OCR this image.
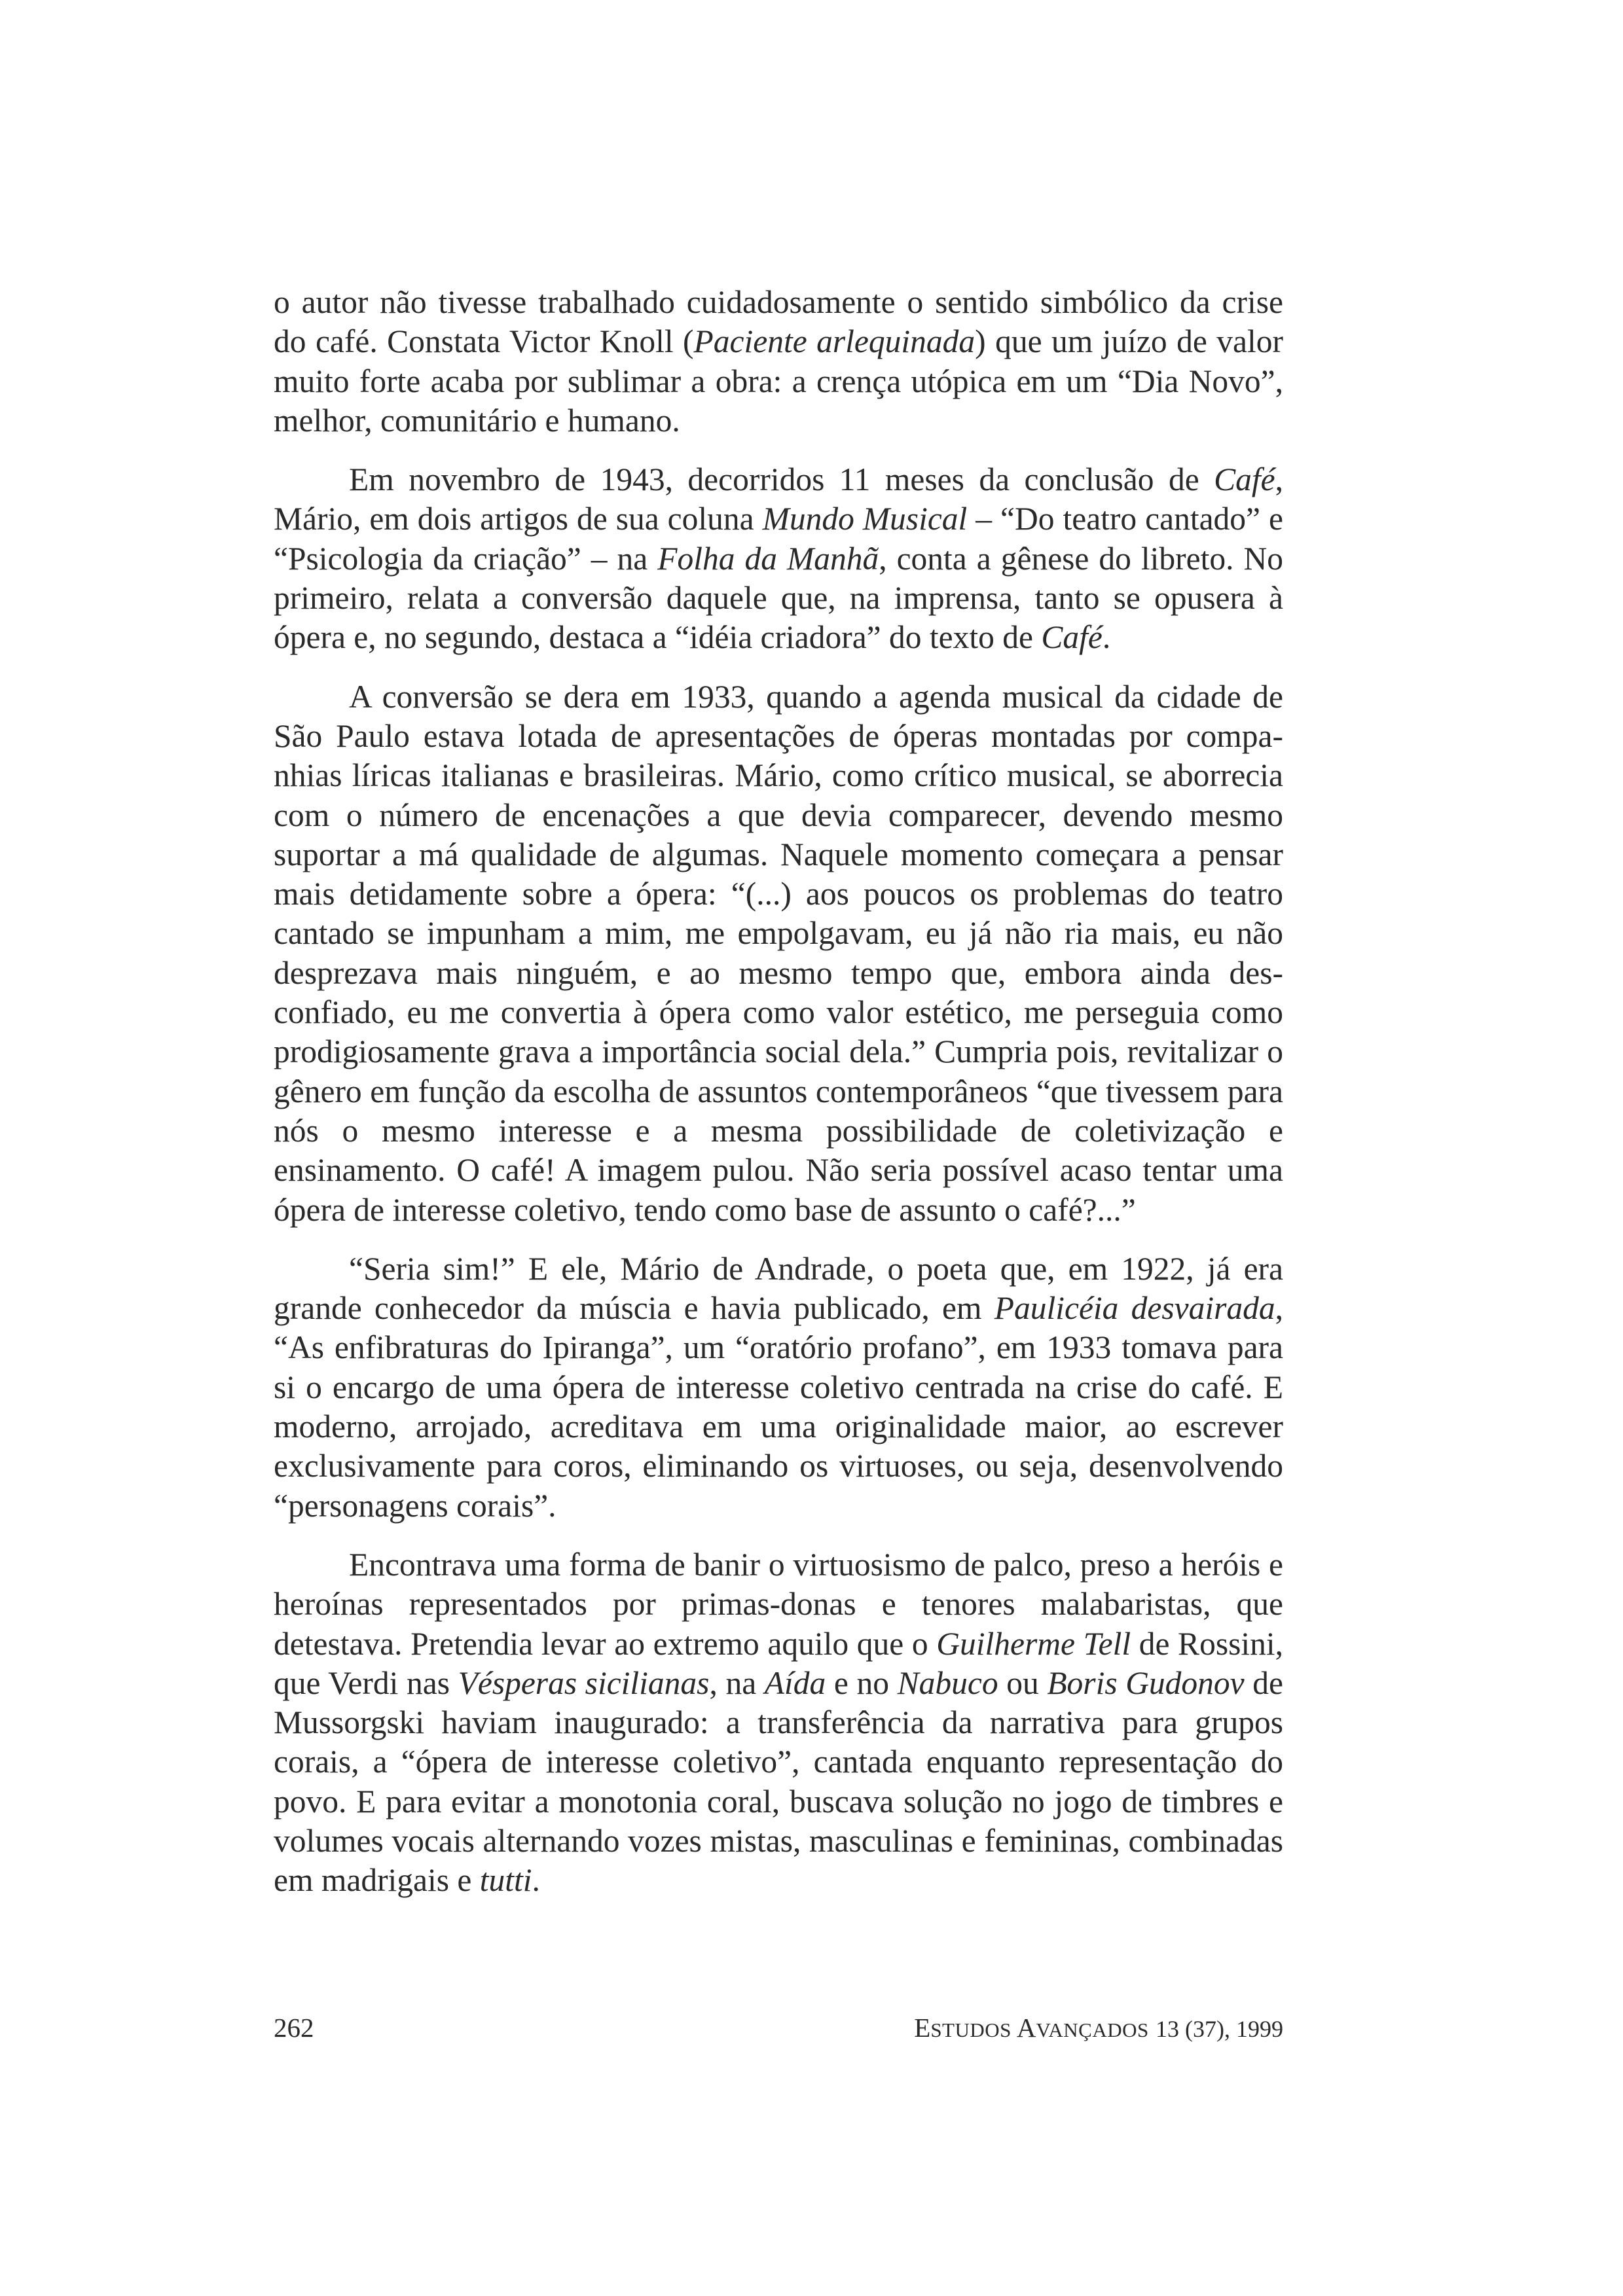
o autor não tivesse trabalhado cuidadosamente o sentido simbólico da crise do café. Constata Victor Knoll (Paciente arlequinada) que um juízo de valor muito forte acaba por sublimar a obra: a crença utópica em um “Dia Novo”, melhor, comunitário e humano.

Em novembro de 1943, decorridos 11 meses da conclusão de Café, Mário, em dois artigos de sua coluna Mundo Musical – “Do teatro cantado” e “Psicologia da criação” – na Folha da Manhã, conta a gênese do libreto. No primeiro, relata a conversão daquele que, na imprensa, tanto se opusera à ópera e, no segundo, destaca a “idéia criadora” do texto de Café.

A conversão se dera em 1933, quando a agenda musical da cidade de São Paulo estava lotada de apresentações de óperas montadas por companhias líricas italianas e brasileiras. Mário, como crítico musical, se aborrecia com o número de encenações a que devia comparecer, devendo mesmo suportar a má qualidade de algumas. Naquele momento começara a pensar mais detidamente sobre a ópera: “(...) aos poucos os problemas do teatro cantado se impunham a mim, me empolgavam, eu já não ria mais, eu não desprezava mais ninguém, e ao mesmo tempo que, embora ainda desconfiado, eu me convertia à ópera como valor estético, me perseguia como prodigiosamente grava a importância social dela.” Cumpria pois, revitalizar o gênero em função da escolha de assuntos contemporâneos “que tivessem para nós o mesmo interesse e a mesma possibilidade de coletivização e ensinamento. O café! A imagem pulou. Não seria possível acaso tentar uma ópera de interesse coletivo, tendo como base de assunto o café?...”

“Seria sim!” E ele, Mário de Andrade, o poeta que, em 1922, já era grande conhecedor da múscia e havia publicado, em Paulicéia desvairada, “As enfibraturas do Ipiranga”, um “oratório profano”, em 1933 tomava para si o encargo de uma ópera de interesse coletivo centrada na crise do café. E moderno, arrojado, acreditava em uma originalidade maior, ao escrever exclusivamente para coros, eliminando os virtuoses, ou seja, desenvolvendo “personagens corais”.

Encontrava uma forma de banir o virtuosismo de palco, preso a heróis e heroínas representados por primas-donas e tenores malabaristas, que detestava. Pretendia levar ao extremo aquilo que o Guilherme Tell de Rossini, que Verdi nas Vésperas sicilianas, na Aída e no Nabuco ou Boris Gudonov de Mussorgski haviam inaugurado: a transferência da narrativa para grupos corais, a “ópera de interesse coletivo”, cantada enquanto representação do povo. E para evitar a monotonia coral, buscava solução no jogo de timbres e volumes vocais alternando vozes mistas, masculinas e femininas, combinadas em madrigais e tutti.

262	ESTUDOS AVANÇADOS 13 (37), 1999
